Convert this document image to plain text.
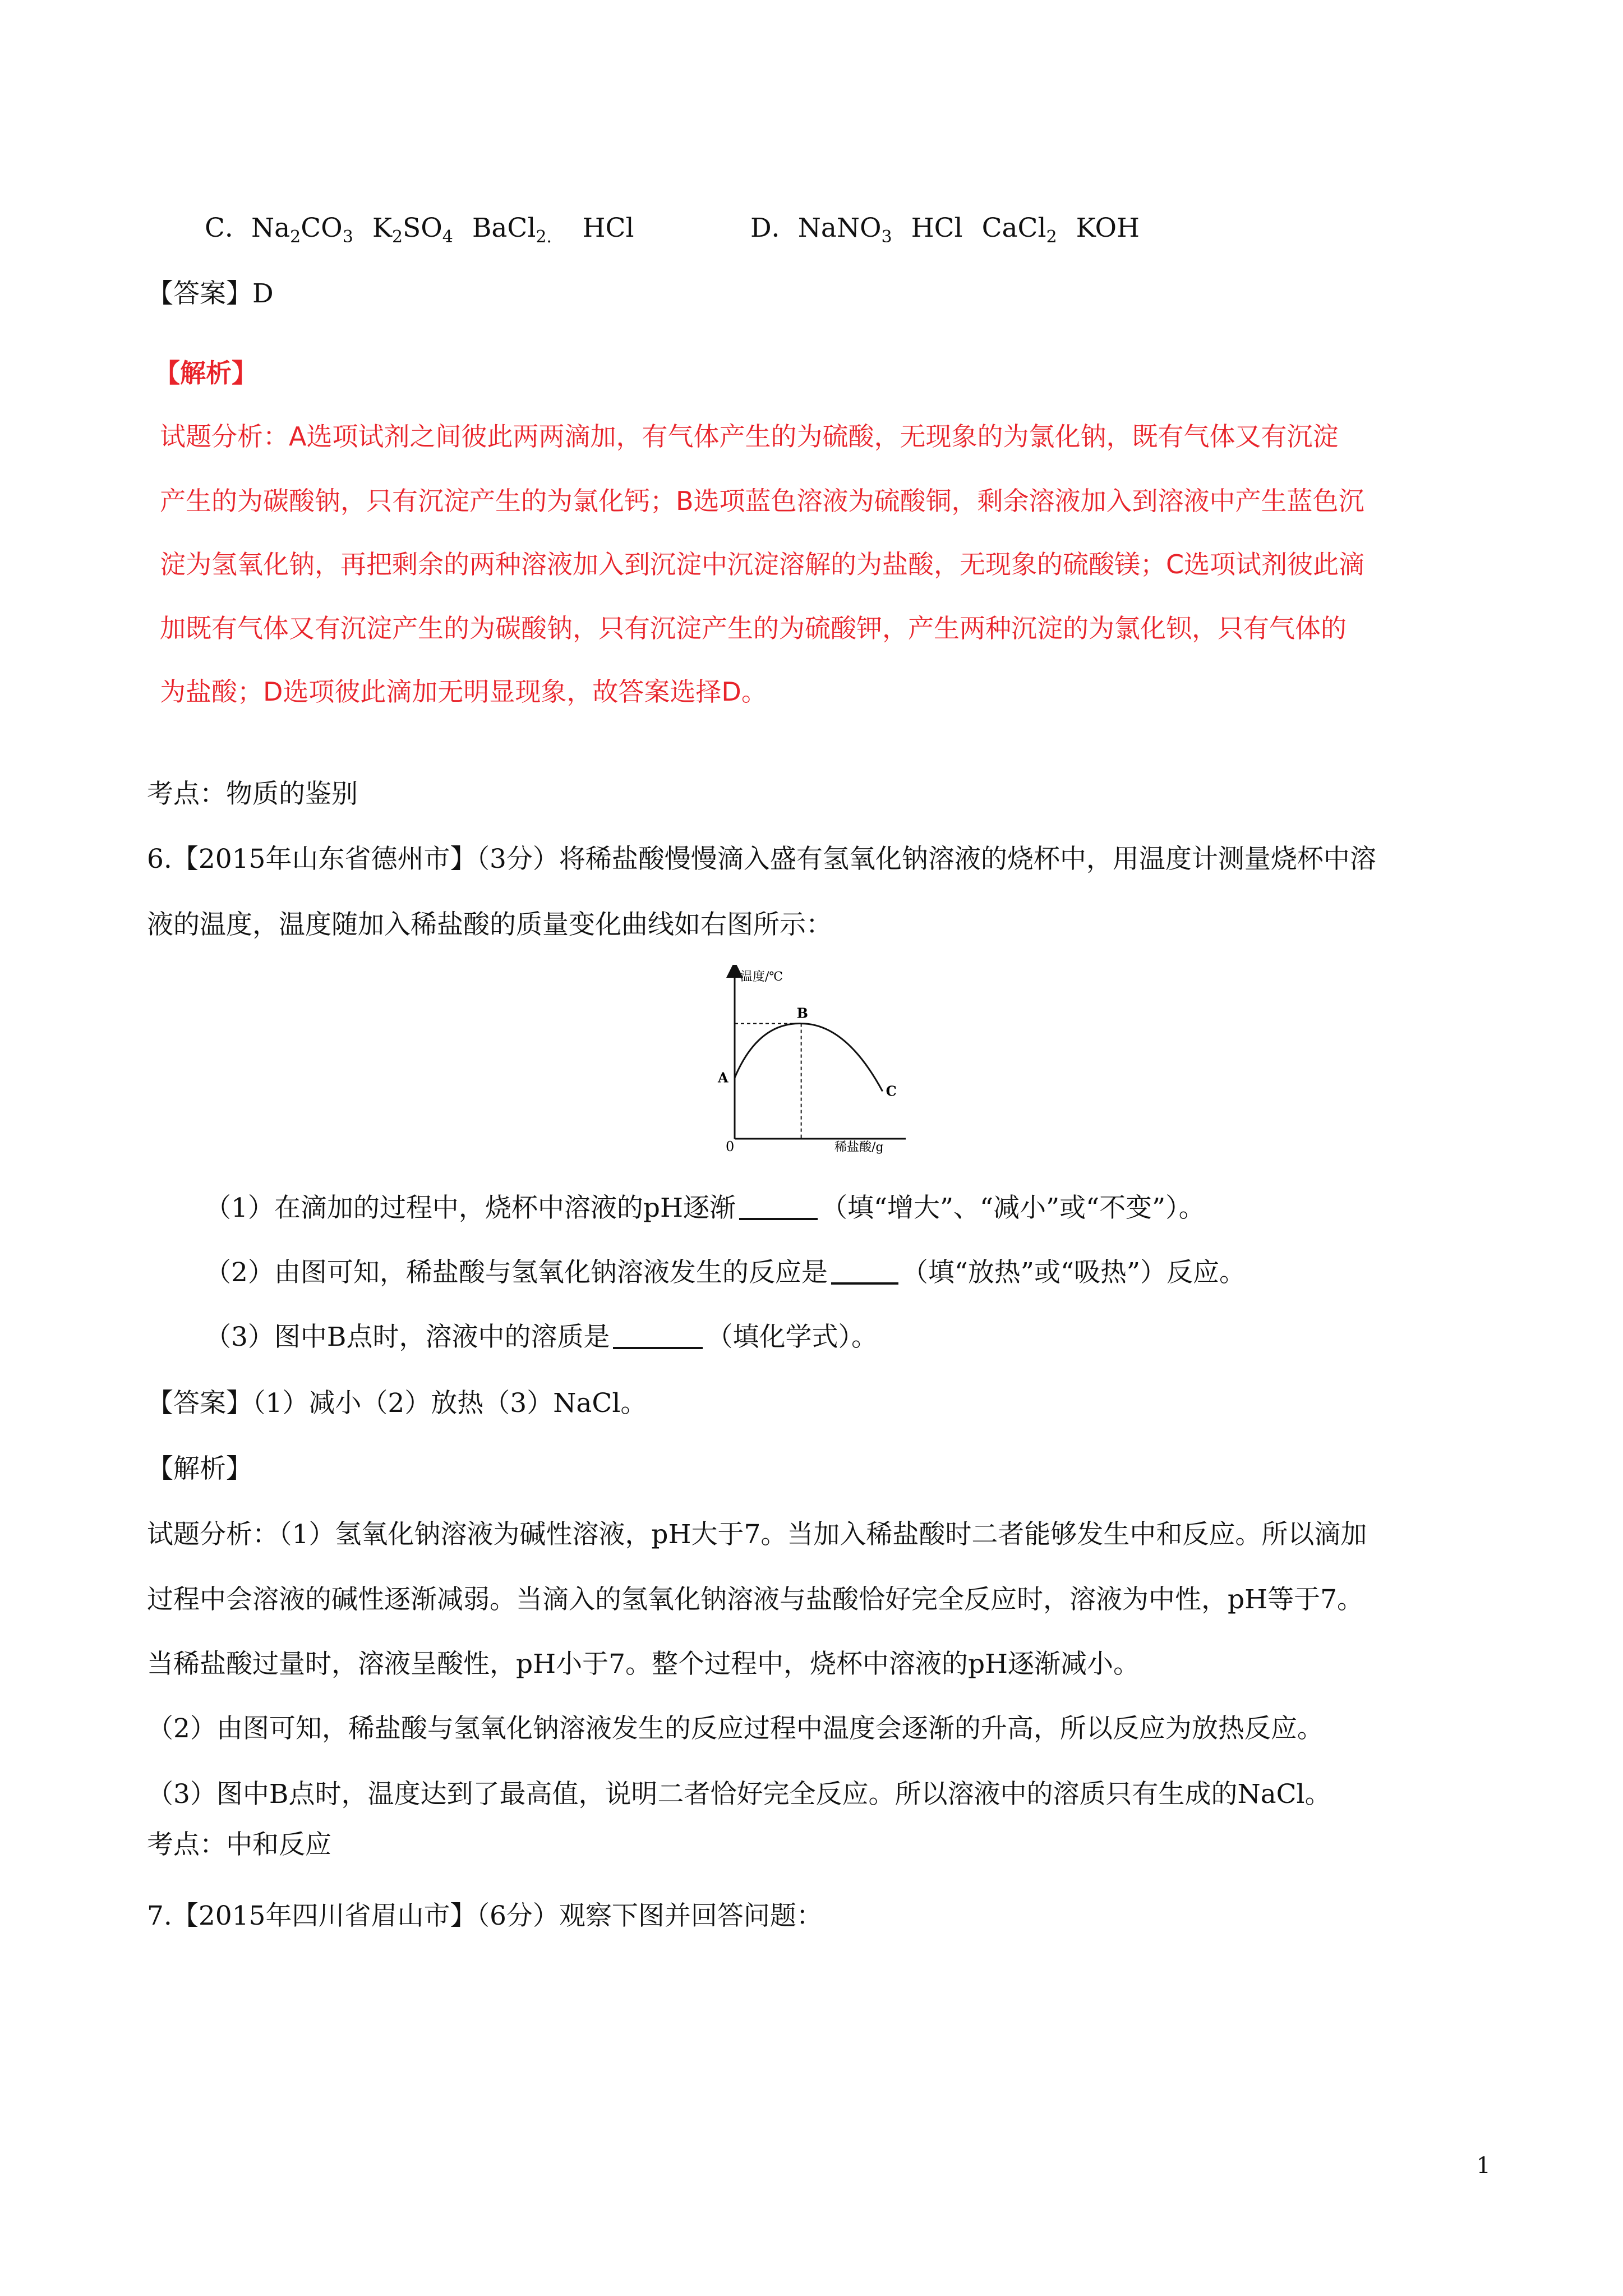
C．$Na_2CO_3$ $K_2SO_4$ BaCl$_{2.}$ HCl	D．NaNO$_3$ HCl CaCl$_2$ KOH
【答案】D
【解析】
试题分析：A选项试剂之间彼此两两滴加，有气体产生的为硫酸，无现象的为氯化钠，既有气体又有沉淀
产生的为碳酸钠，只有沉淀产生的为氯化钙；B选项蓝色溶液为硫酸铜，剩余溶液加入到溶液中产生蓝色沉
淀为氢氧化钠，再把剩余的两种溶液加入到沉淀中沉淀溶解的为盐酸，无现象的硫酸镁；C选项试剂彼此滴
加既有气体又有沉淀产生的为碳酸钠，只有沉淀产生的为硫酸钾，产生两种沉淀的为氯化钡，只有气体的
为盐酸；D选项彼此滴加无明显现象，故答案选择D。
考点：物质的鉴别
6.【2015年山东省德州市】（3分）将稀盐酸慢慢滴入盛有氢氧化钠溶液的烧杯中，用温度计测量烧杯中溶
液的温度，温度随加入稀盐酸的质量变化曲线如右图所示：
温度/℃
稀盐酸/g
0
A
B
C
（1）在滴加的过程中，烧杯中溶液的pH逐渐	（填“增大”、“减小”或“不变”）。
（2）由图可知，稀盐酸与氢氧化钠溶液发生的反应是	（填“放热”或“吸热”）反应。
（3）图中B点时，溶液中的溶质是	（填化学式）。
【答案】（1）减小（2）放热（3）NaCl。
【解析】
试题分析：（1）氢氧化钠溶液为碱性溶液，pH大于7。当加入稀盐酸时二者能够发生中和反应。所以滴加
过程中会溶液的碱性逐渐减弱。当滴入的氢氧化钠溶液与盐酸恰好完全反应时，溶液为中性，pH等于7。
当稀盐酸过量时，溶液呈酸性，pH小于7。整个过程中，烧杯中溶液的pH逐渐减小。
（2）由图可知，稀盐酸与氢氧化钠溶液发生的反应过程中温度会逐渐的升高，所以反应为放热反应。
（3）图中B点时，温度达到了最高值，说明二者恰好完全反应。所以溶液中的溶质只有生成的NaCl。
考点：中和反应
7.【2015年四川省眉山市】（6分）观察下图并回答问题：
1
